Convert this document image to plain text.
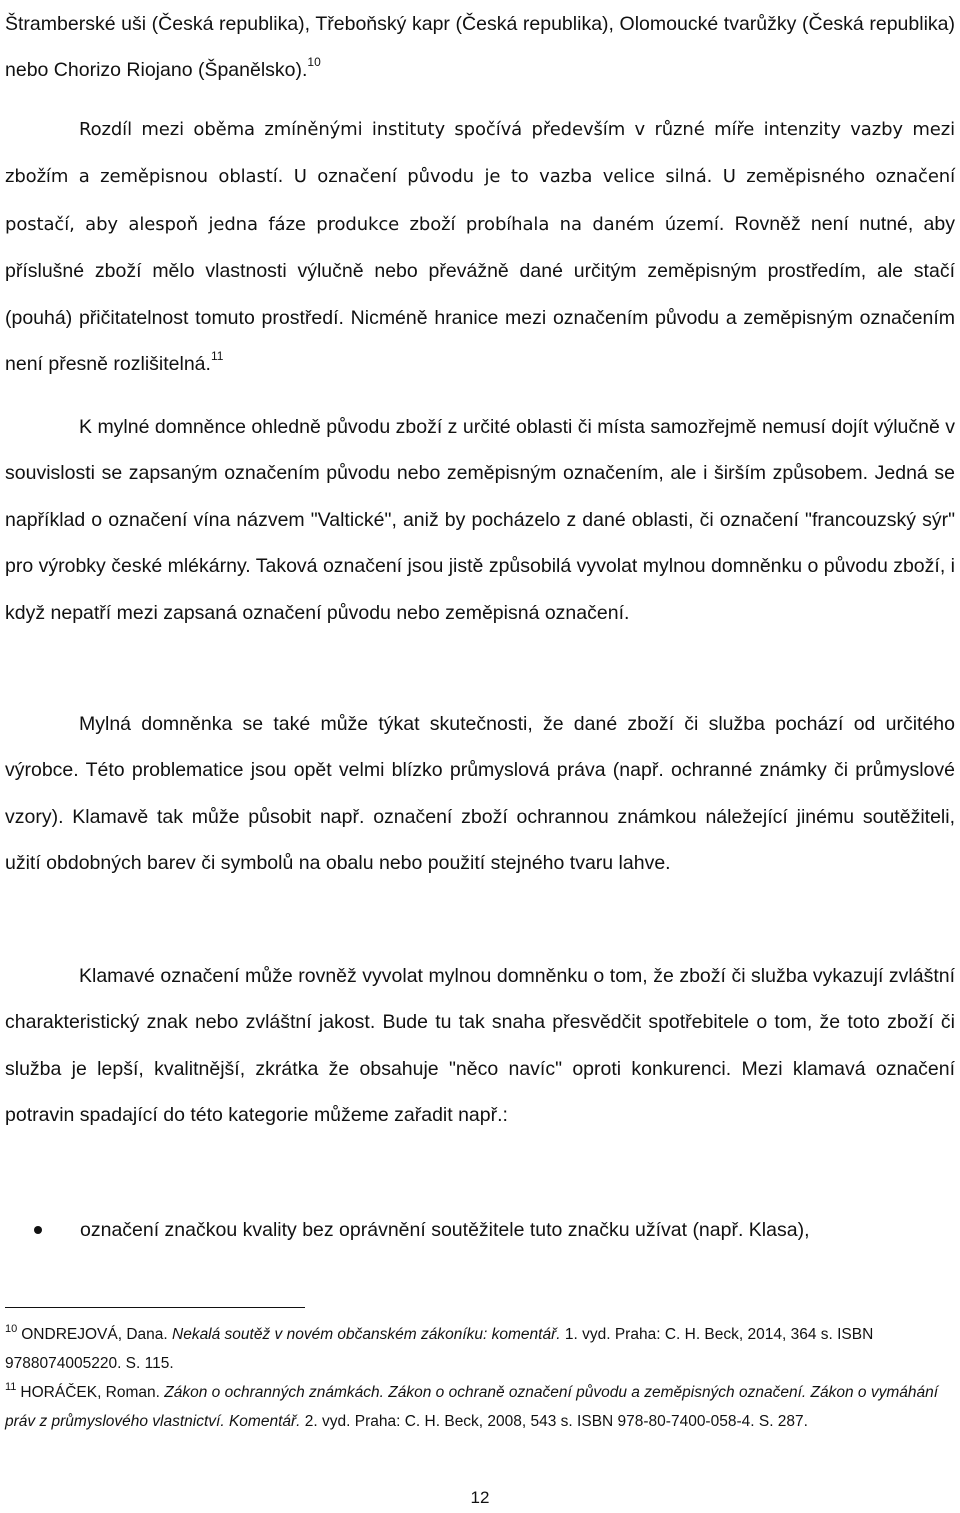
Štramberské uši (Česká republika), Třeboňský kapr (Česká republika), Olomoucké tvarůžky (Česká republika) nebo Chorizo Riojano (Španělsko).$^{10}$

Rozdíl mezi oběma zmíněnými instituty spočívá především v různé míře intenzity vazby mezi zbožím a zeměpisnou oblastí. U označení původu je to vazba velice silná. U zeměpisného označení postačí, aby alespoň jedna fáze produkce zboží probíhala na daném území. Rovněž není nutné, aby příslušné zboží mělo vlastnosti výlučně nebo převážně dané určitým zeměpisným prostředím, ale stačí (pouhá) přičitatelnost tomuto prostředí. Nicméně hranice mezi označením původu a zeměpisným označením není přesně rozlišitelná.$^{11}$

K mylné domněnce ohledně původu zboží z určité oblasti či místa samozřejmě nemusí dojít výlučně v souvislosti se zapsaným označením původu nebo zeměpisným označením, ale i širším způsobem. Jedná se například o označení vína názvem "Valtické", aniž by pocházelo z dané oblasti, či označení "francouzský sýr" pro výrobky české mlékárny. Taková označení jsou jistě způsobilá vyvolat mylnou domněnku o původu zboží, i když nepatří mezi zapsaná označení původu nebo zeměpisná označení.

Mylná domněnka se také může týkat skutečnosti, že dané zboží či služba pochází od určitého výrobce. Této problematice jsou opět velmi blízko průmyslová práva (např. ochranné známky či průmyslové vzory). Klamavě tak může působit např. označení zboží ochrannou známkou náležející jinému soutěžiteli, užití obdobných barev či symbolů na obalu nebo použití stejného tvaru lahve.

Klamavé označení může rovněž vyvolat mylnou domněnku o tom, že zboží či služba vykazují zvláštní charakteristický znak nebo zvláštní jakost. Bude tu tak snaha přesvědčit spotřebitele o tom, že toto zboží či služba je lepší, kvalitnější, zkrátka že obsahuje "něco navíc" oproti konkurenci. Mezi klamavá označení potravin spadající do této kategorie můžeme zařadit např.:

označení značkou kvality bez oprávnění soutěžitele tuto značku užívat (např. Klasa),

$^{10}$ ONDREJOVÁ, Dana. Nekalá soutěž v novém občanském zákoníku: komentář. 1. vyd. Praha: C. H. Beck, 2014, 364 s. ISBN 9788074005220. S. 115.

$^{11}$ HORÁČEK, Roman. Zákon o ochranných známkách. Zákon o ochraně označení původu a zeměpisných označení. Zákon o vymáhání práv z průmyslového vlastnictví. Komentář. 2. vyd. Praha: C. H. Beck, 2008, 543 s. ISBN 978-80-7400-058-4. S. 287.

12
